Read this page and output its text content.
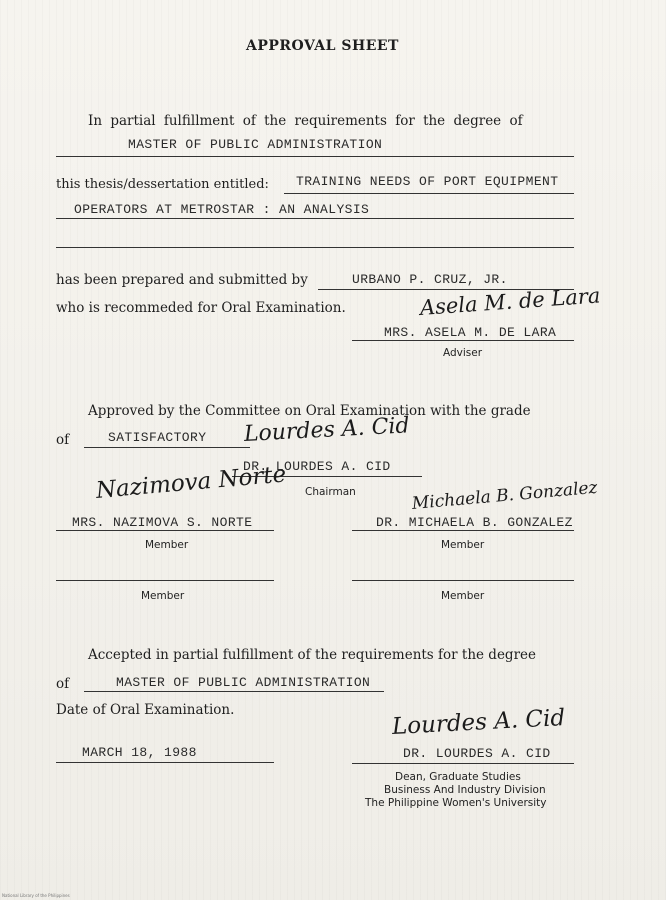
APPROVAL SHEET
In partial fulfillment of the requirements for the degree of
MASTER OF PUBLIC ADMINISTRATION
this thesis/dessertation entitled: TRAINING NEEDS OF PORT EQUIPMENT
OPERATORS AT METROSTAR : AN ANALYSIS
has been prepared and submitted by	URBANO P. CRUZ, JR.
who is recommeded for Oral Examination.	Asela M. de Lara
MRS. ASELA M. DE LARA
Adviser
Approved by the Committee on Oral Examination with the grade
of	SATISFACTORY Lourdes A. Cid
DR. LOURDES A. CID
Chairman
Nazimova Norte
MRS. NAZIMOVA S. NORTE
Member
Michaela B. Gonzalez
DR. MICHAELA B. GONZALEZ
Member
Member	Member
Accepted in partial fulfillment of the requirements for the degree
of	MASTER OF PUBLIC ADMINISTRATION
Date of Oral Examination.
MARCH 18, 1988
Lourdes A. Cid
DR. LOURDES A. CID
Dean, Graduate Studies
Business And Industry Division
The Philippine Women's University
National Library of the Philippines
